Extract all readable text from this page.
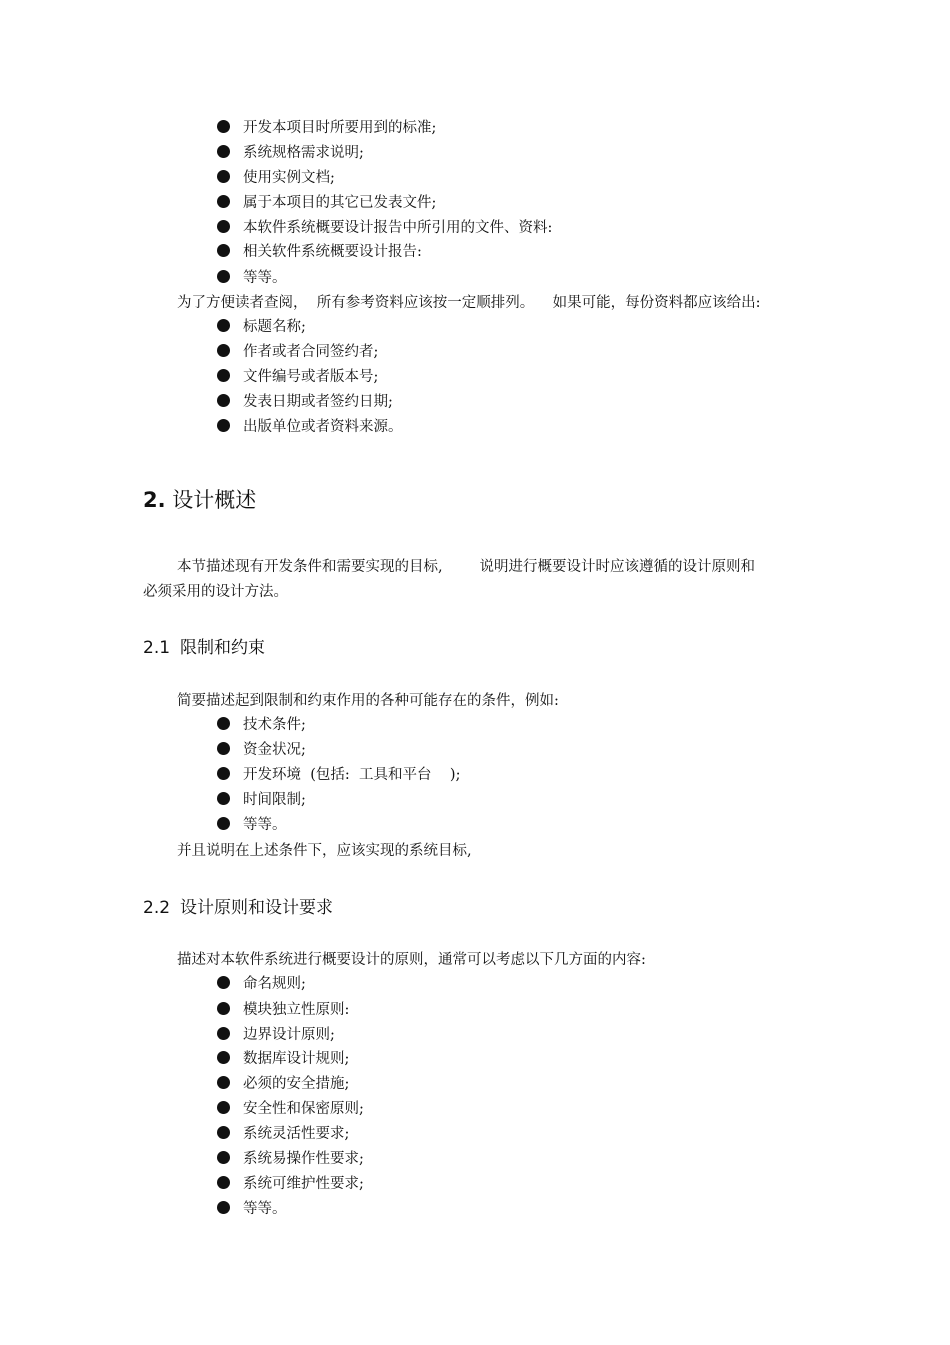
开发本项目时所要用到的标准;
系统规格需求说明;
使用实例文档;
属于本项目的其它已发表文件;
本软件系统概要设计报告中所引用的文件、资料:
相关软件系统概要设计报告:
等等。
为了方便读者查阅，  所有参考资料应该按一定顺排列。    如果可能，每份资料都应该给出:
标题名称;
作者或者合同签约者;
文件编号或者版本号;
发表日期或者签约日期;
出版单位或者资料来源。
2. 设计概述
本节描述现有开发条件和需要实现的目标,        说明进行概要设计时应该遵循的设计原则和
必须采用的设计方法。
2.1 限制和约束
简要描述起到限制和约束作用的各种可能存在的条件，例如:
技术条件;
资金状况;
开发环境  (包括:  工具和平台    );
时间限制;
等等。
并且说明在上述条件下，应该实现的系统目标,
2.2 设计原则和设计要求
描述对本软件系统进行概要设计的原则，通常可以考虑以下几方面的内容:
命名规则;
模块独立性原则:
边界设计原则;
数据库设计规则;
必须的安全措施;
安全性和保密原则;
系统灵活性要求;
系统易操作性要求;
系统可维护性要求;
等等。
